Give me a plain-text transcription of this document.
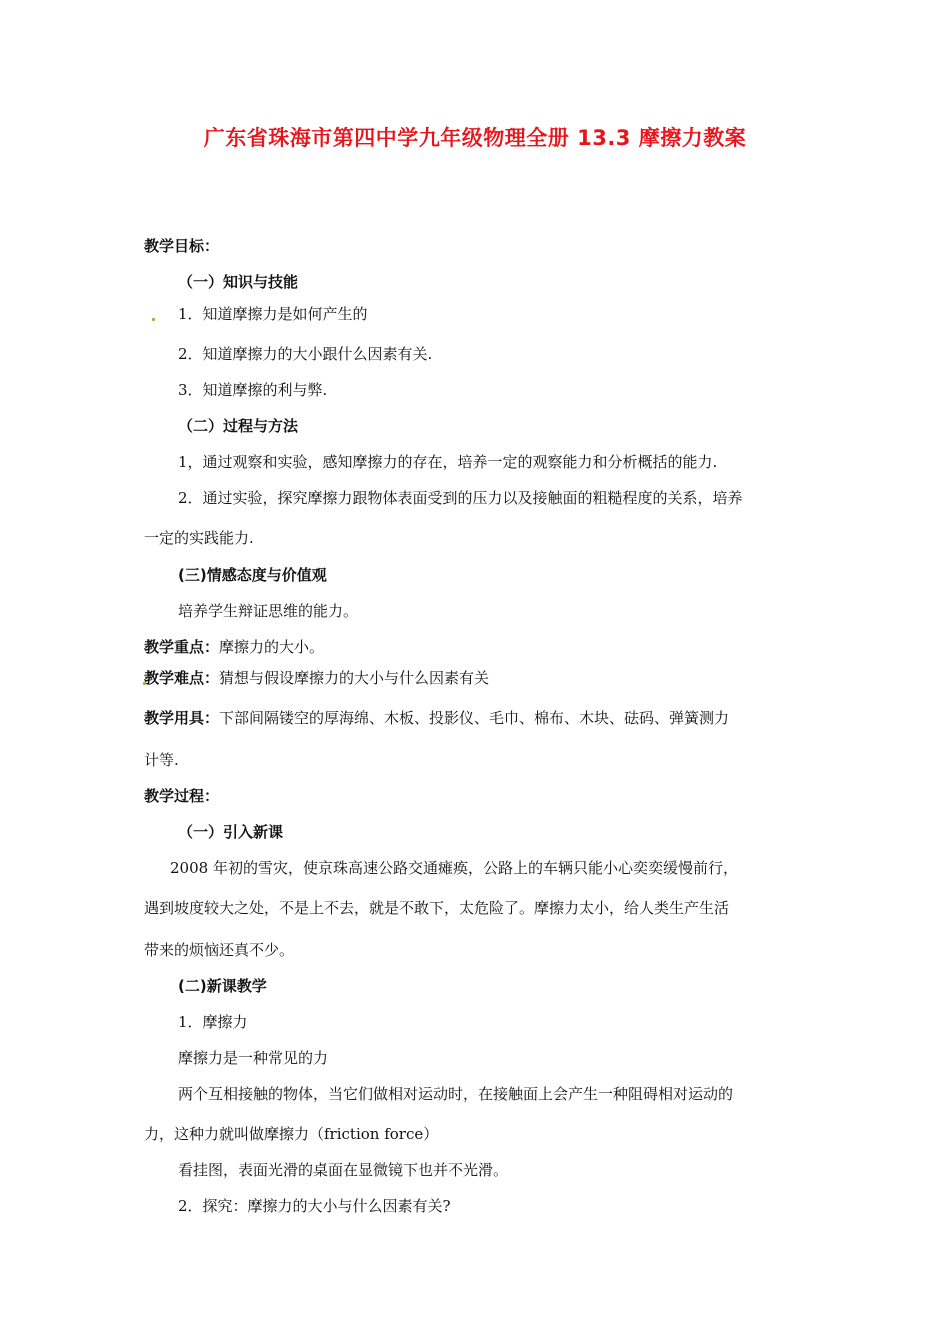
广东省珠海市第四中学九年级物理全册 13.3 摩擦力教案
教学目标：
（一）知识与技能
1．知道摩擦力是如何产生的
2．知道摩擦力的大小跟什么因素有关.
3．知道摩擦的利与弊.
（二）过程与方法
1，通过观察和实验，感知摩擦力的存在，培养一定的观察能力和分析概括的能力.
2．通过实验，探究摩擦力跟物体表面受到的压力以及接触面的粗糙程度的关系，培养
一定的实践能力.
(三)情感态度与价值观
培养学生辩证思维的能力。
教学重点：摩擦力的大小。
教学难点：猜想与假设摩擦力的大小与什么因素有关
教学用具：下部间隔镂空的厚海绵、木板、投影仪、毛巾、棉布、木块、砝码、弹簧测力
计等.
教学过程：
（一）引入新课
2008 年初的雪灾，使京珠高速公路交通瘫痪，公路上的车辆只能小心奕奕缓慢前行，
遇到坡度较大之处，不是上不去，就是不敢下，太危险了。摩擦力太小，给人类生产生活
带来的烦恼还真不少。
(二)新课教学
1．摩擦力
摩擦力是一种常见的力
两个互相接触的物体，当它们做相对运动时，在接触面上会产生一种阻碍相对运动的
力，这种力就叫做摩擦力（friction force）
看挂图，表面光滑的桌面在显微镜下也并不光滑。
2．探究：摩擦力的大小与什么因素有关?
